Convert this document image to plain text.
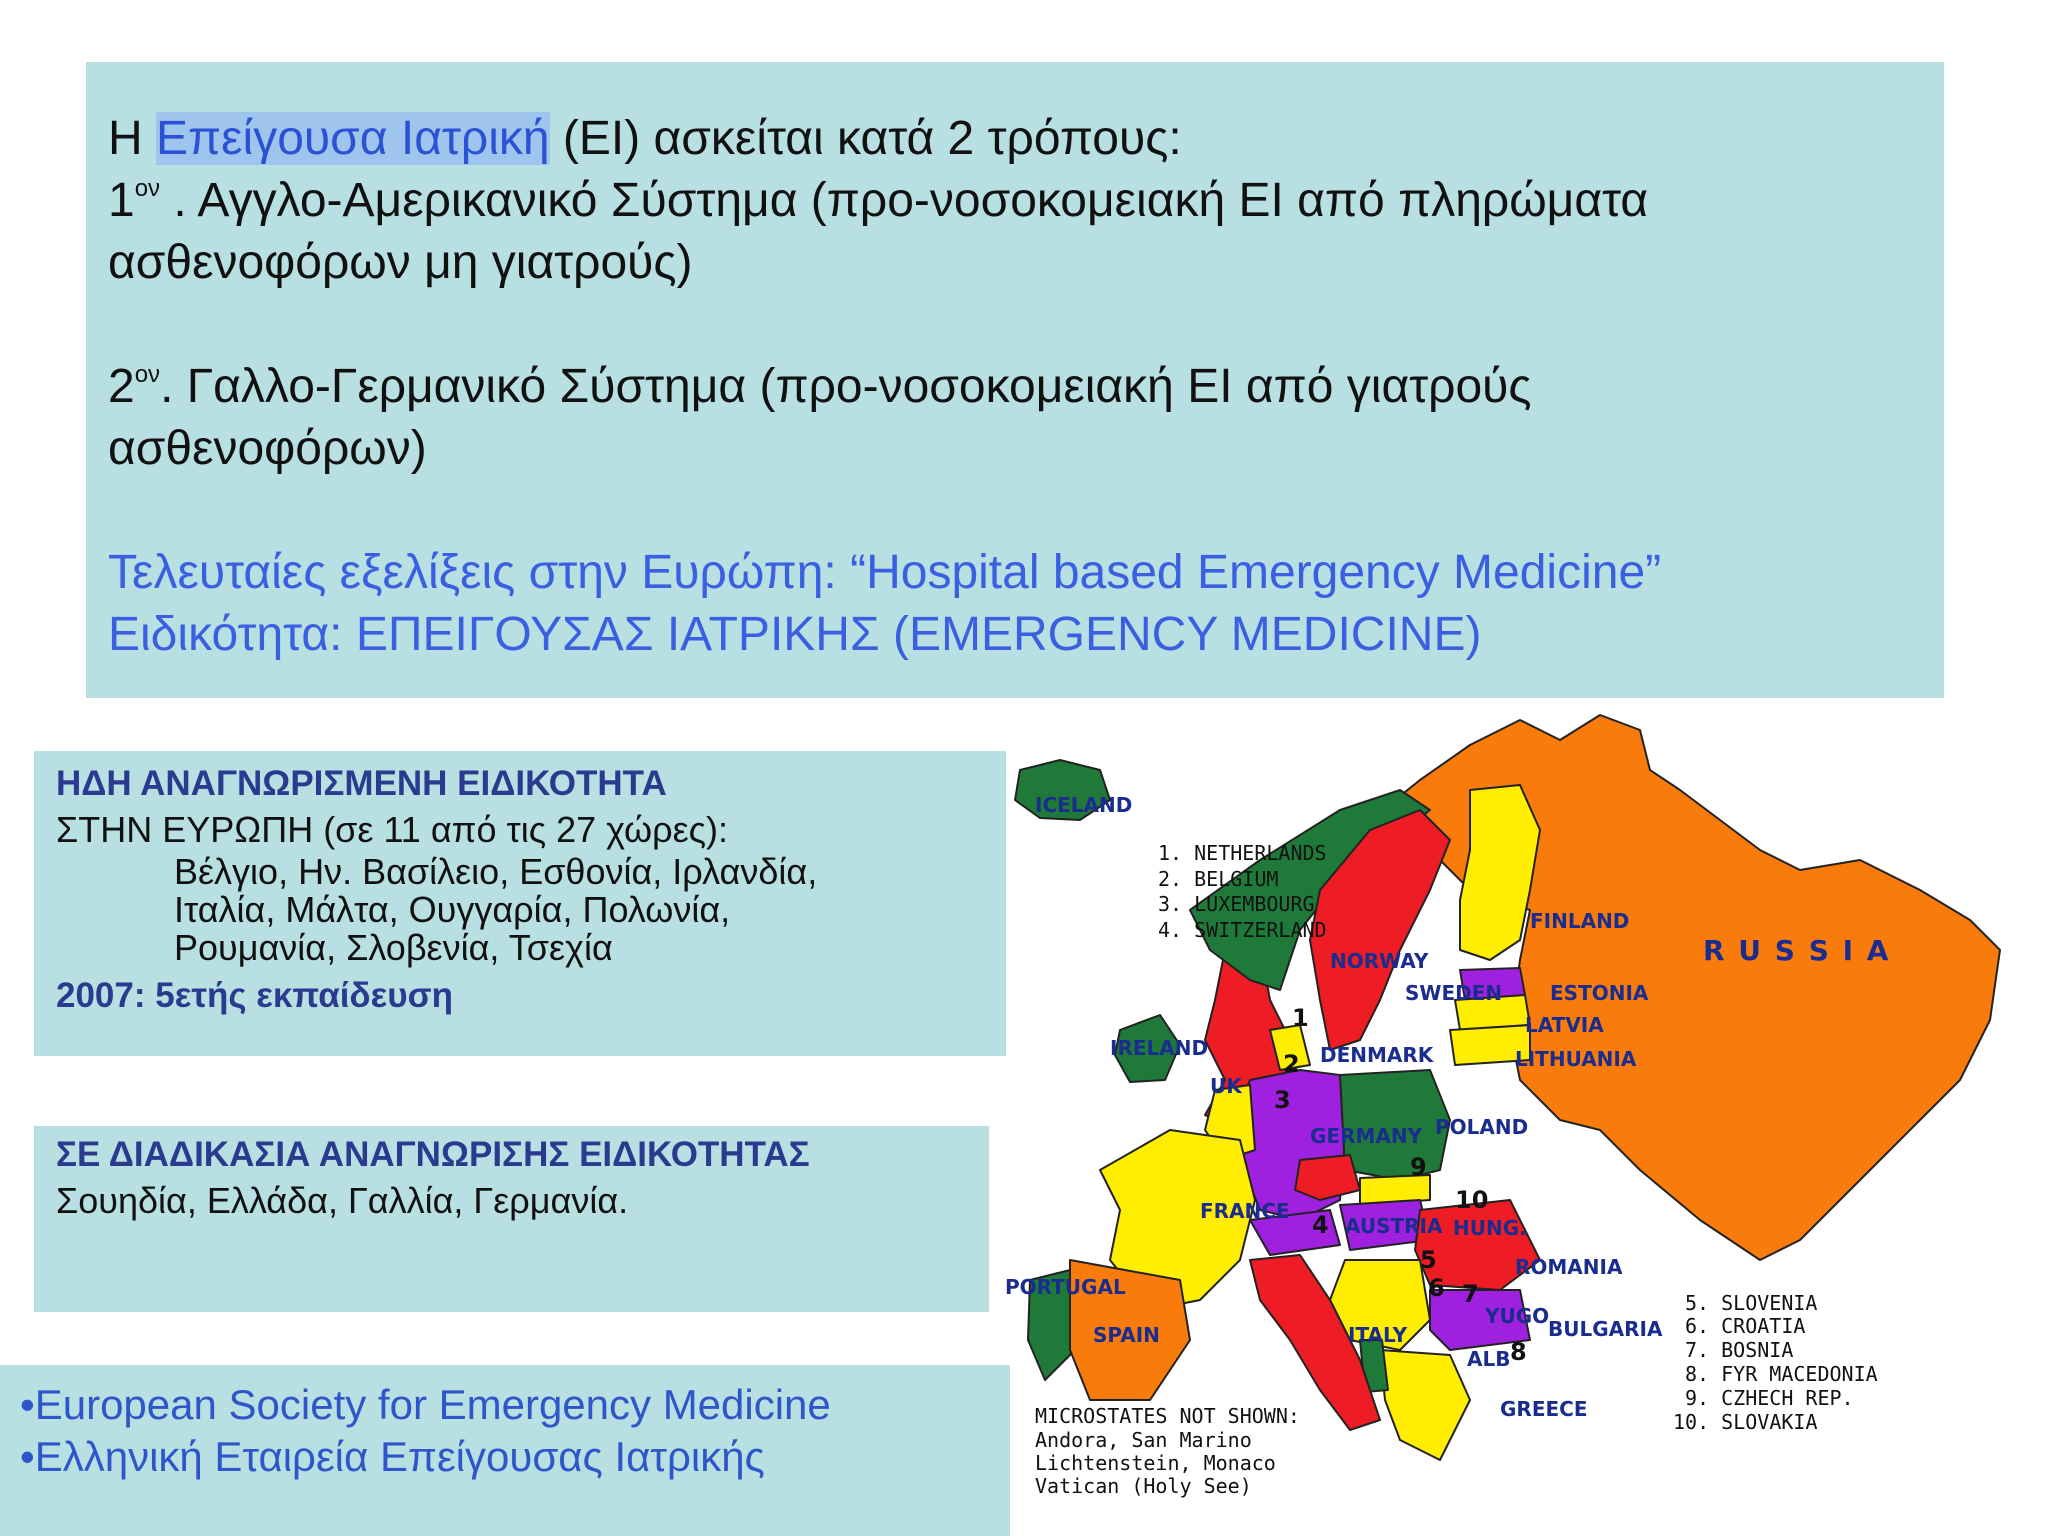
Η Επείγουσα Ιατρική (ΕΙ) ασκείται κατά 2 τρόπους:
$1^{o\nu}$ . Αγγλο-Αμερικανικό Σύστημα (προ-νοσοκομειακή ΕΙ από πληρώματα
ασθενοφόρων μη γιατρούς)
$2^{o\nu}$. Γαλλο-Γερμανικό Σύστημα (προ-νοσοκομειακή ΕΙ από γιατρούς
ασθενοφόρων)
Τελευταίες εξελίξεις στην Ευρώπη: “Hospital based Emergency Medicine”
Ειδικότητα: ΕΠΕΙΓΟΥΣΑΣ ΙΑΤΡΙΚΗΣ (EMERGENCY MEDICINE)
ΗΔΗ ΑΝΑΓΝΩΡΙΣΜΕΝΗ ΕΙΔΙΚΟΤΗΤΑ
ΣΤΗΝ ΕΥΡΩΠΗ (σε 11 από τις 27 χώρες):
Βέλγιο, Ην. Βασίλειο, Εσθονία, Ιρλανδία,
Ιταλία, Μάλτα, Ουγγαρία, Πολωνία,
Ρουμανία, Σλοβενία, Τσεχία
2007: 5ετής εκπαίδευση
ΣΕ ΔΙΑΔΙΚΑΣΙΑ ΑΝΑΓΝΩΡΙΣΗΣ ΕΙΔΙΚΟΤΗΤΑΣ
Σουηδία, Ελλάδα, Γαλλία, Γερμανία.
•European Society for Emergency Medicine
•Ελληνική Εταιρεία Επείγουσας Ιατρικής
ICELAND
IRELAND
UK
NORWAY
SWEDEN
FINLAND
ESTONIA
LATVIA
LITHUANIA
DENMARK
GERMANY POLAND
FRANCE
AUSTRIA HUNG.
ROMANIA
PORTUGAL
SPAIN	ITALY
YUGO
BULGARIA
ALB
GREECE
R U S S I A
1
2
3
4
5
6 7
8
9
10
1. NETHERLANDS
2. BELGIUM
3. LUXEMBOURG
4. SWITZERLAND
5. SLOVENIA
6. CROATIA
7. BOSNIA
8. FYR MACEDONIA
9. CZHECH REP.
10. SLOVAKIA
MICROSTATES NOT SHOWN:
Andora, San Marino
Lichtenstein, Monaco
Vatican (Holy See)
